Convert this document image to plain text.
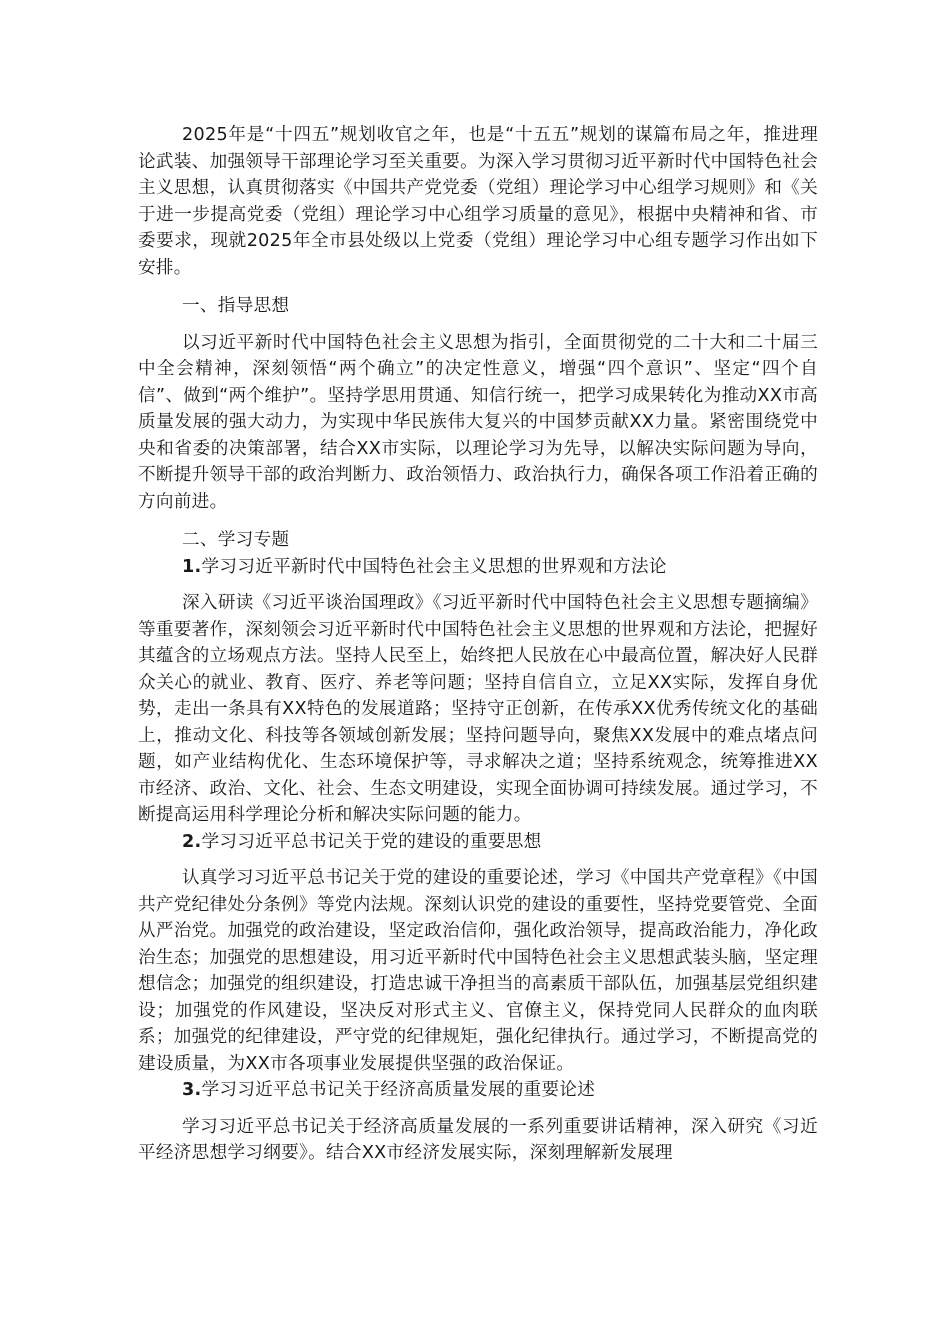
2025年是“十四五”规划收官之年，也是“十五五”规划的谋篇布局之年，推进理论武装、加强领导干部理论学习至关重要。为深入学习贯彻习近平新时代中国特色社会主义思想，认真贯彻落实《中国共产党党委（党组）理论学习中心组学习规则》和《关于进一步提高党委（党组）理论学习中心组学习质量的意见》，根据中央精神和省、市委要求，现就2025年全市县处级以上党委（党组）理论学习中心组专题学习作出如下安排。

一、指导思想

以习近平新时代中国特色社会主义思想为指引，全面贯彻党的二十大和二十届三中全会精神，深刻领悟“两个确立”的决定性意义，增强“四个意识”、坚定“四个自信”、做到“两个维护”。坚持学思用贯通、知信行统一，把学习成果转化为推动XX市高质量发展的强大动力，为实现中华民族伟大复兴的中国梦贡献XX力量。紧密围绕党中央和省委的决策部署，结合XX市实际，以理论学习为先导，以解决实际问题为导向，不断提升领导干部的政治判断力、政治领悟力、政治执行力，确保各项工作沿着正确的方向前进。

二、学习专题

1.学习习近平新时代中国特色社会主义思想的世界观和方法论

深入研读《习近平谈治国理政》《习近平新时代中国特色社会主义思想专题摘编》等重要著作，深刻领会习近平新时代中国特色社会主义思想的世界观和方法论，把握好其蕴含的立场观点方法。坚持人民至上，始终把人民放在心中最高位置，解决好人民群众关心的就业、教育、医疗、养老等问题；坚持自信自立，立足XX实际，发挥自身优势，走出一条具有XX特色的发展道路；坚持守正创新，在传承XX优秀传统文化的基础上，推动文化、科技等各领域创新发展；坚持问题导向，聚焦XX发展中的难点堵点问题，如产业结构优化、生态环境保护等，寻求解决之道；坚持系统观念，统筹推进XX市经济、政治、文化、社会、生态文明建设，实现全面协调可持续发展。通过学习，不断提高运用科学理论分析和解决实际问题的能力。

2.学习习近平总书记关于党的建设的重要思想

认真学习习近平总书记关于党的建设的重要论述，学习《中国共产党章程》《中国共产党纪律处分条例》等党内法规。深刻认识党的建设的重要性，坚持党要管党、全面从严治党。加强党的政治建设，坚定政治信仰，强化政治领导，提高政治能力，净化政治生态；加强党的思想建设，用习近平新时代中国特色社会主义思想武装头脑，坚定理想信念；加强党的组织建设，打造忠诚干净担当的高素质干部队伍，加强基层党组织建设；加强党的作风建设，坚决反对形式主义、官僚主义，保持党同人民群众的血肉联系；加强党的纪律建设，严守党的纪律规矩，强化纪律执行。通过学习，不断提高党的建设质量，为XX市各项事业发展提供坚强的政治保证。

3.学习习近平总书记关于经济高质量发展的重要论述

学习习近平总书记关于经济高质量发展的一系列重要讲话精神，深入研究《习近平经济思想学习纲要》。结合XX市经济发展实际，深刻理解新发展理
